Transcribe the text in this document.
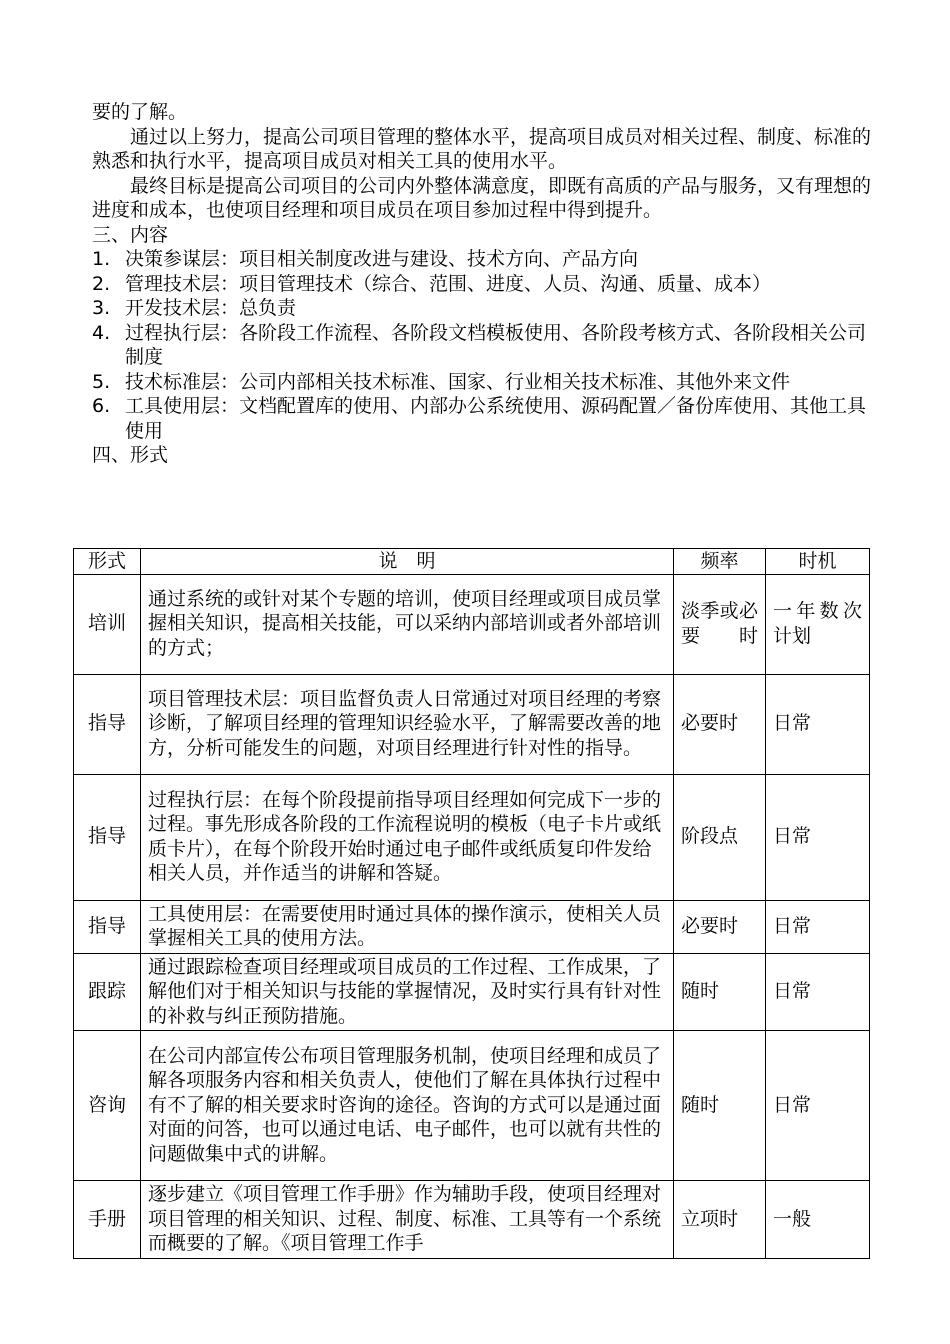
要的了解。

通过以上努力，提高公司项目管理的整体水平，提高项目成员对相关过程、制度、标准的熟悉和执行水平，提高项目成员对相关工具的使用水平。

最终目标是提高公司项目的公司内外整体满意度，即既有高质的产品与服务，又有理想的进度和成本，也使项目经理和项目成员在项目参加过程中得到提升。

三、内容

1. 决策参谋层：项目相关制度改进与建设、技术方向、产品方向
2. 管理技术层：项目管理技术（综合、范围、进度、人员、沟通、质量、成本）
3. 开发技术层：总负责
4. 过程执行层：各阶段工作流程、各阶段文档模板使用、各阶段考核方式、各阶段相关公司制度
5. 技术标准层：公司内部相关技术标准、国家、行业相关技术标准、其他外来文件
6. 工具使用层：文档配置库的使用、内部办公系统使用、源码配置／备份库使用、其他工具使用

四、形式

形式	说　明	频率	时机
培训	通过系统的或针对某个专题的培训，使项目经理或项目成员掌握相关知识，提高相关技能，可以采纳内部培训或者外部培训的方式；	淡季或必要时	一年数次计划

指导	项目管理技术层：项目监督负责人日常通过对项目经理的考察诊断，了解项目经理的管理知识经验水平，了解需要改善的地方，分析可能发生的问题，对项目经理进行针对性的指导。	必要时	日常
指导	过程执行层：在每个阶段提前指导项目经理如何完成下一步的过程。事先形成各阶段的工作流程说明的模板（电子卡片或纸质卡片），在每个阶段开始时通过电子邮件或纸质复印件发给相关人员，并作适当的讲解和答疑。	阶段点	日常
指导	工具使用层：在需要使用时通过具体的操作演示，使相关人员掌握相关工具的使用方法。	必要时	日常
跟踪	通过跟踪检查项目经理或项目成员的工作过程、工作成果，了解他们对于相关知识与技能的掌握情况，及时实行具有针对性的补救与纠正预防措施。	随时	日常
咨询	在公司内部宣传公布项目管理服务机制，使项目经理和成员了解各项服务内容和相关负责人，使他们了解在具体执行过程中有不了解的相关要求时咨询的途径。咨询的方式可以是通过面对面的问答，也可以通过电话、电子邮件，也可以就有共性的问题做集中式的讲解。	随时	日常
手册	逐步建立《项目管理工作手册》作为辅助手段，使项目经理对项目管理的相关知识、过程、制度、标准、工具等有一个系统而概要的了解。《项目管理工作手	立项时	一般
